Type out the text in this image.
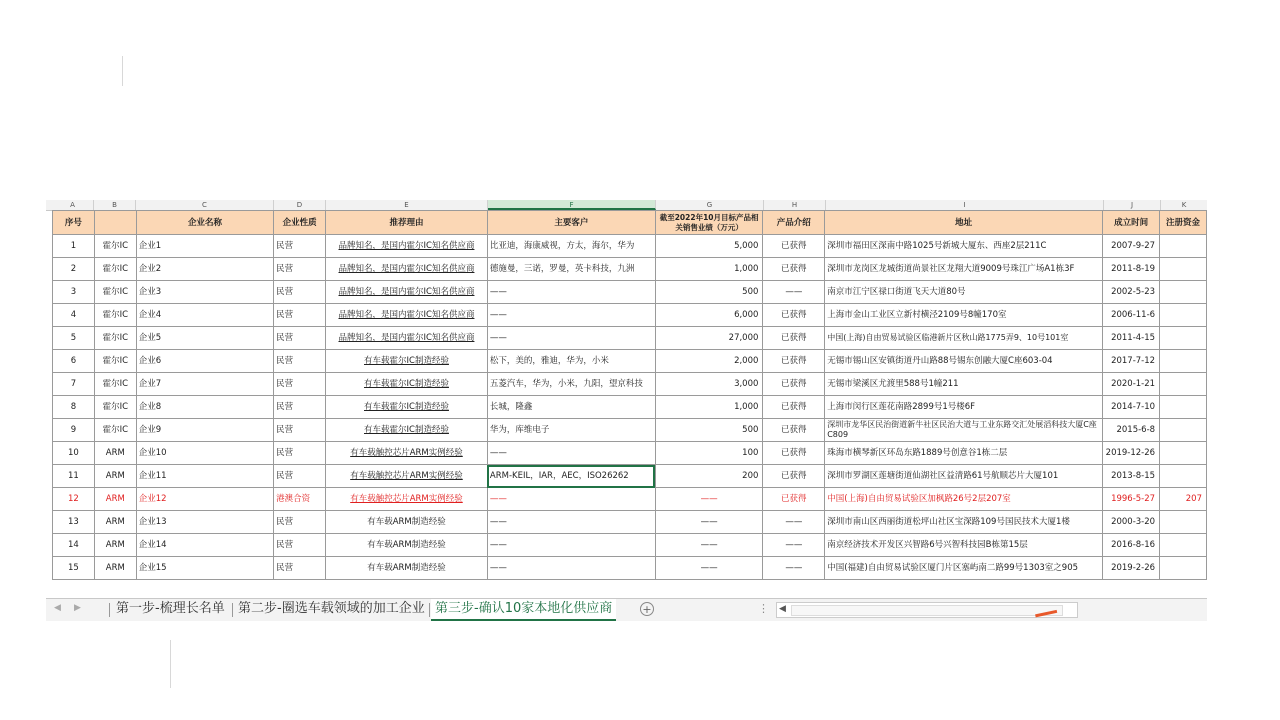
A	B	C	D	E	F	G	H	I	J	K
序号		企业名称	企业性质	推荐理由	主要客户	截至2022年10月目标产品相关销售业绩（万元）	产品介绍	地址	成立时间	注册资金
1	霍尔IC	企业1	民营	品牌知名，是国内霍尔IC知名供应商	比亚迪，海康威视，方太，海尔，华为	5,000	已获得	深圳市福田区深南中路1025号新城大厦东、西座2层211C	2007-9-27	
2	霍尔IC	企业2	民营	品牌知名，是国内霍尔IC知名供应商	德施曼，三诺，罗曼，英卡科技，九洲	1,000	已获得	深圳市龙岗区龙城街道尚景社区龙翔大道9009号珠江广场A1栋3F	2011-8-19	
3	霍尔IC	企业3	民营	品牌知名，是国内霍尔IC知名供应商	——	500	——	南京市江宁区禄口街道飞天大道80号	2002-5-23	
4	霍尔IC	企业4	民营	品牌知名，是国内霍尔IC知名供应商	——	6,000	已获得	上海市金山工业区立新村横泾2109号8幢170室	2006-11-6	
5	霍尔IC	企业5	民营	品牌知名，是国内霍尔IC知名供应商	——	27,000	已获得	中国(上海)自由贸易试验区临港新片区秋山路1775弄9、10号101室	2011-4-15	
6	霍尔IC	企业6	民营	有车载霍尔IC制造经验	松下，美的，雅迪，华为，小米	2,000	已获得	无锡市锡山区安镇街道丹山路88号锡东创融大厦C座603-04	2017-7-12	
7	霍尔IC	企业7	民营	有车载霍尔IC制造经验	五菱汽车，华为，小米，九阳，望京科技	3,000	已获得	无锡市梁溪区尤渡里588号1幢211	2020-1-21	
8	霍尔IC	企业8	民营	有车载霍尔IC制造经验	长城，隆鑫	1,000	已获得	上海市闵行区莲花南路2899号1号楼6F	2014-7-10	
9	霍尔IC	企业9	民营	有车载霍尔IC制造经验	华为，库维电子	500	已获得	深圳市龙华区民治街道新牛社区民治大道与工业东路交汇处展滔科技大厦C座C809	2015-6-8	
10	ARM	企业10	民营	有车载触控芯片ARM实例经验	——	100	已获得	珠海市横琴新区环岛东路1889号创意谷1栋二层	2019-12-26	
11	ARM	企业11	民营	有车载触控芯片ARM实例经验	ARM-KEIL，IAR，AEC，ISO26262	200	已获得	深圳市罗湖区莲塘街道仙湖社区益清路61号航顺芯片大厦101	2013-8-15	
12	ARM	企业12	港澳合资	有车载触控芯片ARM实例经验	——	——	已获得	中国(上海)自由贸易试验区加枫路26号2层207室	1996-5-27	207
13	ARM	企业13	民营	有车载ARM制造经验	——	——	——	深圳市南山区西丽街道松坪山社区宝深路109号国民技术大厦1楼	2000-3-20	
14	ARM	企业14	民营	有车载ARM制造经验	——	——	——	南京经济技术开发区兴智路6号兴智科技园B栋第15层	2016-8-16	
15	ARM	企业15	民营	有车载ARM制造经验	——	——	——	中国(福建)自由贸易试验区厦门片区塞屿南二路99号1303室之905	2019-2-26	
◀ ▶	第一步-梳理长名单	第二步-圈选车载领域的加工企业 第三步-确认10家本地化供应商	+	⋮ ◀
